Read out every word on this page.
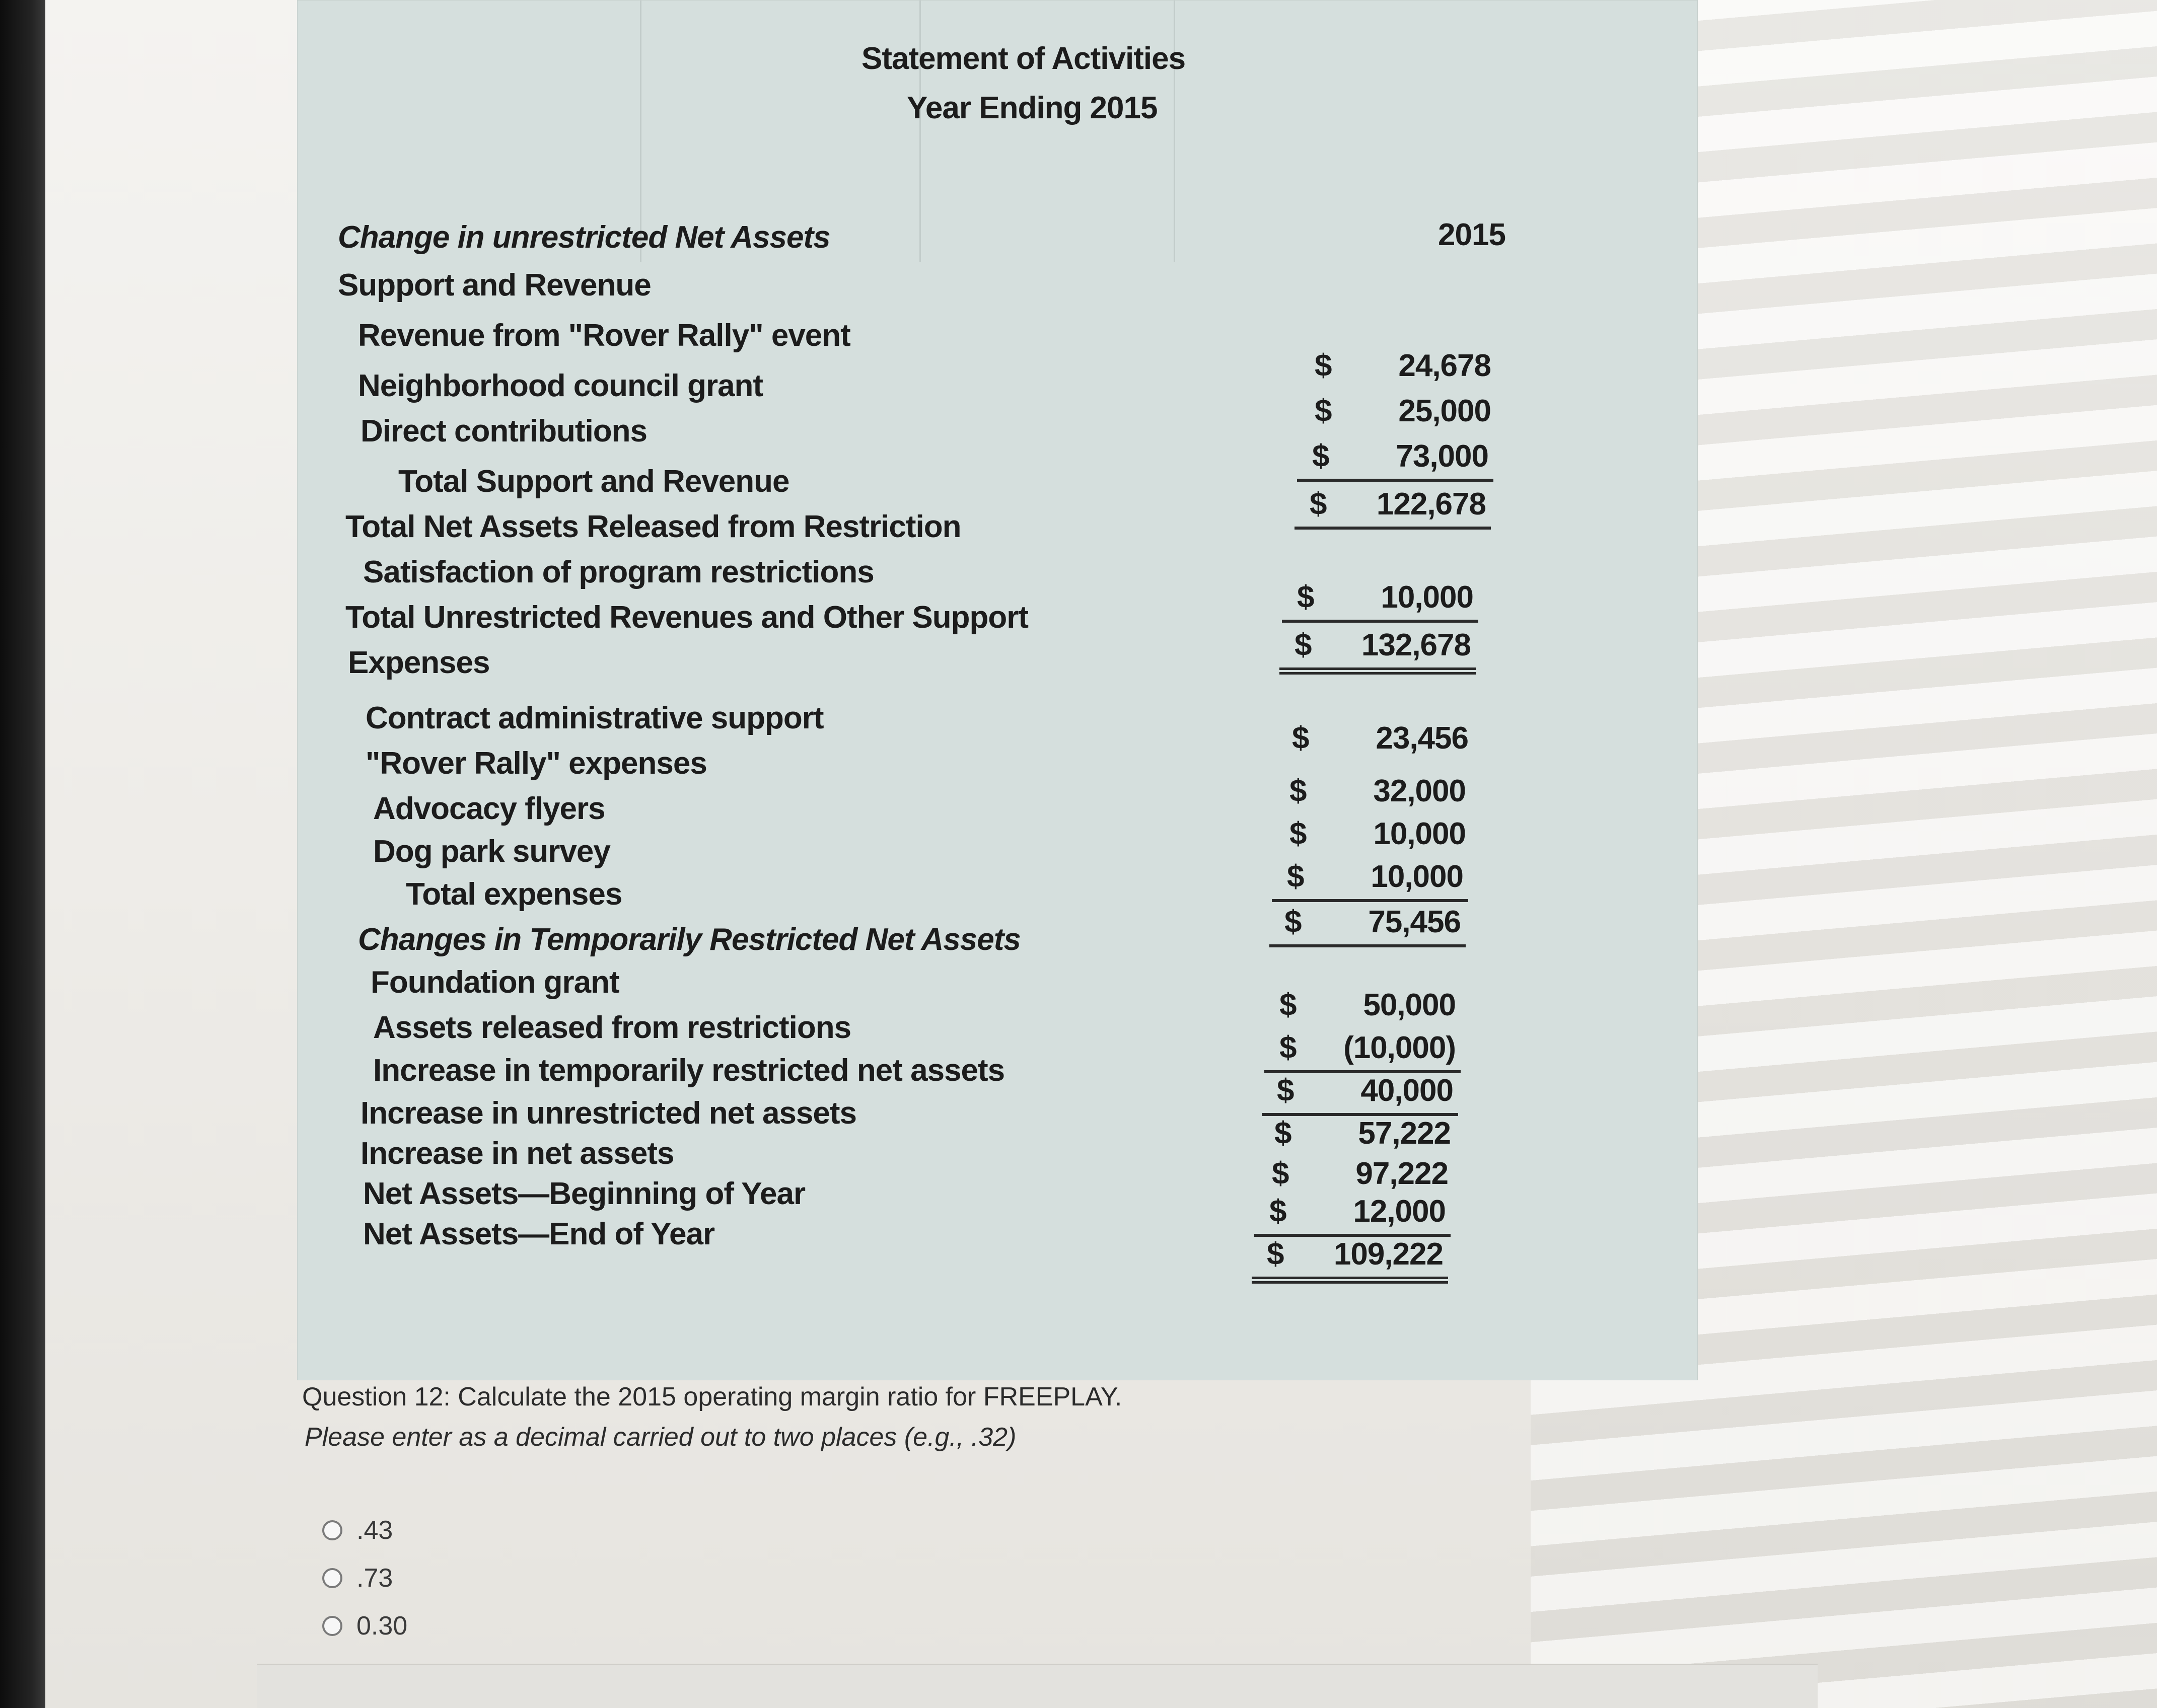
Statement of Activities
Year Ending 2015
2015
Change in unrestricted Net Assets
Support and Revenue
Revenue from "Rover Rally" event
Neighborhood council grant
Direct contributions
Total Support and Revenue
Total Net Assets Released from Restriction
Satisfaction of program restrictions
Total Unrestricted Revenues and Other Support
Expenses
Contract administrative support
"Rover Rally" expenses
Advocacy flyers
Dog park survey
Total expenses
Changes in Temporarily Restricted Net Assets
Foundation grant
Assets released from restrictions
Increase in temporarily restricted net assets
Increase in unrestricted net assets
Increase in net assets
Net Assets—Beginning of Year
Net Assets—End of Year
$ 24,678
$ 25,000
$ 73,000
$ 122,678
$ 10,000
$ 132,678
$ 23,456
$ 32,000
$ 10,000
$ 10,000
$ 75,456
$ 50,000
$ (10,000)
$ 40,000
$ 57,222
$ 97,222
$ 12,000
$ 109,222
Question 12: Calculate the 2015 operating margin ratio for FREEPLAY.
Please enter as a decimal carried out to two places (e.g., .32)
.43
.73
0.30
